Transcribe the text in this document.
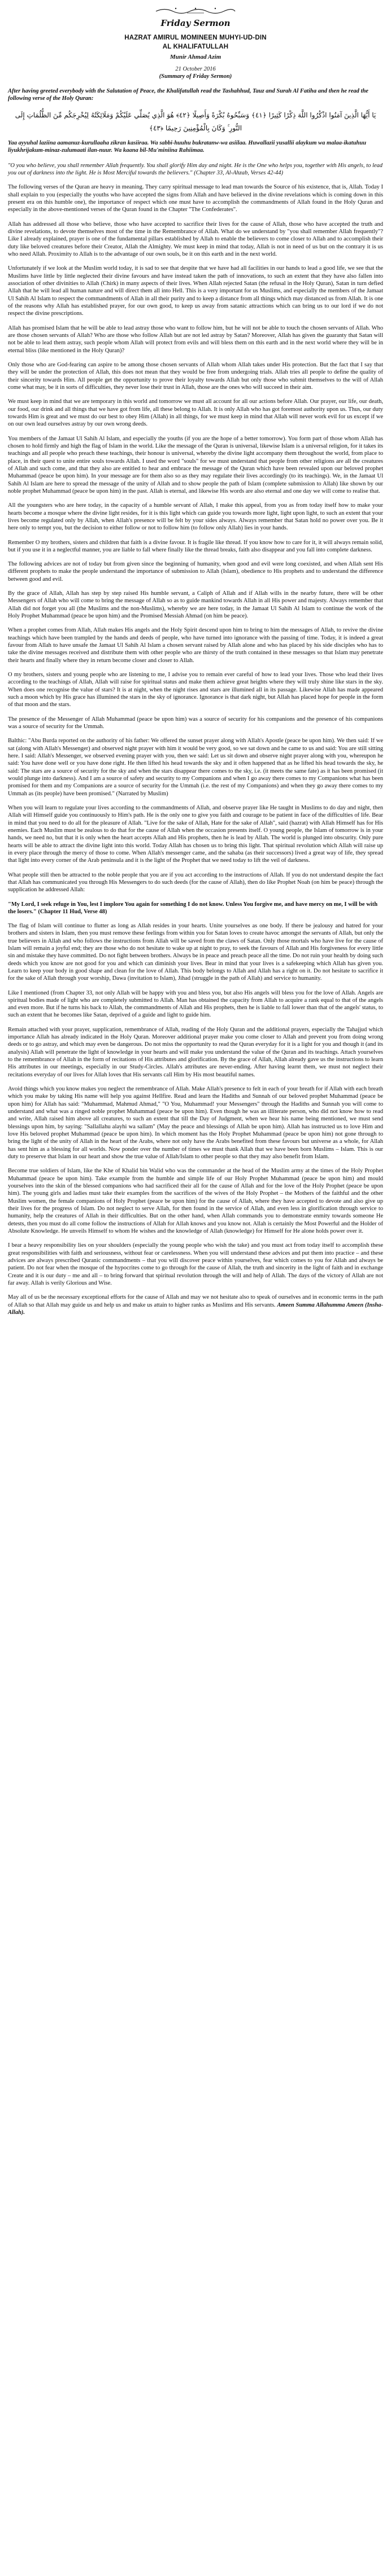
Friday Sermon
HAZRAT AMIRUL MOMINEEN MUHYI-UD-DIN
AL KHALIFATULLAH
Munir Ahmad Azim
21 October 2016
(Summary of Friday Sermon)
After having greeted everybody with the Salutation of Peace, the Khalifatullah read the Tashahhud, Tauz and Surah Al Fatiha and then he read the following verse of the Holy Quran:
يَا أَيُّهَا الَّذِينَ آمَنُوا اذْكُرُوا اللَّهَ ذِكْرًا كَثِيرًا ﴿٤١﴾ وَسَبِّحُوهُ بُكْرَةً وَأَصِيلًا ﴿٤٢﴾ هُوَ الَّذِي يُصَلِّي عَلَيْكُمْ وَمَلَائِكَتُهُ لِيُخْرِجَكُم مِّنَ الظُّلُمَاتِ إِلَى النُّورِ ۚ وَكَانَ بِالْمُؤْمِنِينَ رَحِيمًا ﴿٤٣﴾
Yaa ayyuhal laziina aamanuz-kurullaaha zikran kasiiraa. Wa sabbi-huuhu bukratanw-wa asiilaa. Huwallazii yusallii alaykum wa malaa-ikatuhuu liyukhrijakum-minaz-zulumaati ilan-nuur. Wa kaana bil-Mu'miniina Rahiimaa.
"O you who believe, you shall remember Allah frequently. You shall glorify Him day and night. He is the One who helps you, together with His angels, to lead you out of darkness into the light. He is Most Merciful towards the believers." (Chapter 33, Al-Ahzab, Verses 42-44)

The following verses of the Quran are heavy in meaning. They carry spiritual message to lead man towards the Source of his existence, that is, Allah. Today I shall explain to you (especially the youths who have accepted the signs from Allah and have believed in the divine revelations which is coming down in this present era on this humble one), the importance of respect which one must have to accomplish the commandments of Allah found in the Holy Quran and especially in the above-mentioned verses of the Quran found in the Chapter "The Confederates".

Allah has addressed all those who believe, those who have accepted to sacrifice their lives for the cause of Allah, those who have accepted the truth and divine revelations, to devote themselves most of the time in the Remembrance of Allah. What do we understand by "you shall remember Allah frequently"? Like I already explained, prayer is one of the fundamental pillars established by Allah to enable the believers to come closer to Allah and to accomplish their duty like beloved creatures before their Creator, Allah the Almighty. We must keep in mind that today, Allah is not in need of us but on the contrary it is us who need Allah. Proximity to Allah is to the advantage of our own souls, be it on this earth and in the next world.

Unfortunately if we look at the Muslim world today, it is sad to see that despite that we have had all facilities in our hands to lead a good life, we see that the Muslims have little by little neglected their divine favours and have instead taken the path of innovations, to such an extent that they have also fallen into association of other divinities to Allah (Chirk) in many aspects of their lives. When Allah rejected Satan (the refusal in the Holy Quran), Satan in turn defied Allah that he will lead all human nature and will direct them all into Hell. This is a very important for us Muslims, and especially the members of the Jamaat Ul Sahih Al Islam to respect the commandments of Allah in all their purity and to keep a distance from all things which may distanced us from Allah. It is one of the reasons why Allah has established prayer, for our own good, to keep us away from satanic attractions which can bring us to our lord if we do not respect the divine prescriptions.

Allah has promised Islam that he will be able to lead astray those who want to follow him, but he will not be able to touch the chosen servants of Allah. Who are those chosen servants of Allah? Who are those who follow Allah but are not led astray by Satan? Moreover, Allah has given the guaranty that Satan will not be able to lead them astray, such people whom Allah will protect from evils and will bless them on this earth and in the next world where they will be in eternal bliss (like mentioned in the Holy Quran)?

Only those who are God-fearing can aspire to be among those chosen servants of Allah whom Allah takes under His protection. But the fact that I say that they will be under the protection of Allah, this does not mean that they would be free from undergoing trials. Allah tries all people to define the quality of their sincerity towards Him. All people get the opportunity to prove their loyalty towards Allah but only those who submit themselves to the will of Allah come what may, be it in sorts of difficulties, they never lose their trust in Allah, those are the ones who will succeed in their aim.

We must keep in mind that we are temporary in this world and tomorrow we must all account for all our actions before Allah. Our prayer, our life, our death, our food, our drink and all things that we have got from life, all these belong to Allah. It is only Allah who has got foremost authority upon us. Thus, our duty towards Him is great and we must do our best to obey Him (Allah) in all things, for we must keep in mind that Allah will never work evil for us except if we on our own lead ourselves astray by our own wrong deeds.

You members of the Jamaat Ul Sahih Al Islam, and especially the youths (if you are the hope of a better tomorrow). You form part of those whom Allah has chosen to hold firmly and high the flag of Islam in the world. Like the message of the Quran is universal, likewise Islam is a universal religion, for it takes its teachings and all people who preach these teachings, their honour is universal, whereby the divine light accompany them throughout the world, from place to place, in their quest to unite entire souls towards Allah. I used the word "souls" for we must understand that people from other religions are all the creatures of Allah and such come, and that they also are entitled to hear and embrace the message of the Quran which have been revealed upon our beloved prophet Muhammad (peace be upon him). In your message are for them also so as they may regulate their lives accordingly (to its teachings). We, in the Jamaat Ul Sahih Al Islam are here to spread the message of the unity of Allah and to show people the path of Islam (complete submission to Allah) like shown by our noble prophet Muhammad (peace be upon him) in the past. Allah is eternal, and likewise His words are also eternal and one day we will come to realise that.

All the youngsters who are here today, in the capacity of a humble servant of Allah, I make this appeal, from you as from today itself how to make your hearts become a mosque where the divine light resides, for it is this light which can guide you towards more light, light upon light, to such an extent that your lives become regulated only by Allah, when Allah's presence will be felt by your sides always. Always remember that Satan hold no power over you. Be it here only to tempt you, but the decision to either follow or not to follow him (to follow only Allah) lies in your hands.

Remember O my brothers, sisters and children that faith is a divine favour. It is fragile like thread. If you know how to care for it, it will always remain solid, but if you use it in a neglectful manner, you are liable to fall where finally like the thread breaks, faith also disappear and you fall into complete darkness.

The following advices are not of today but from given since the beginning of humanity, when good and evil were long coexisted, and when Allah sent His different prophets to make the people understand the importance of submission to Allah (Islam), obedience to His prophets and to understand the difference between good and evil.

By the grace of Allah, Allah has step by step raised His humble servant, a Caliph of Allah and if Allah wills in the nearby future, there will be other Messengers of Allah who will come to bring the message of Allah so as to guide mankind towards Allah in all His power and majesty. Always remember that Allah did not forget you all (the Muslims and the non-Muslims), whereby we are here today, in the Jamaat Ul Sahih Al Islam to continue the work of the Holy Prophet Muhammad (peace be upon him) and the Promised Messiah Ahmad (on him be peace).

When a prophet comes from Allah, Allah makes His angels and the Holy Spirit descend upon him to bring to him the messages of Allah, to revive the divine teachings which have been trampled by the hands and deeds of people, who have turned into ignorance with the passing of time. Today, it is indeed a great favour from Allah to have unsafe the Jamaat Ul Sahih Al Islam a chosen servant raised by Allah alone and who has placed by his side disciples who has to take the divine messages received and distribute them with other people who are thirsty of the truth contained in these messages so that Islam may penetrate their hearts and finally where they in return become closer and closer to Allah.

O my brothers, sisters and young people who are listening to me, I advise you to remain ever careful of how to lead your lives. Those who lead their lives according to the teachings of Allah, Allah will raise for spiritual status and make them achieve great heights where they will truly shine like stars in the sky. When does one recognise the value of stars? It is at night, when the night rises and stars are illumined all in its passage. Likewise Allah has made appeared such a moon which by His grace has illumined the stars in the sky of ignorance. Ignorance is that dark night, but Allah has placed hope for people in the form of that moon and the stars.

The presence of the Messenger of Allah Muhammad (peace be upon him) was a source of security for his companions and the presence of his companions was a source of security for the Ummah.

Balthic: "Abu Burda reported on the authority of his father: We offered the sunset prayer along with Allah's Apostle (peace be upon him). We then said: If we sat (along with Allah's Messenger) and observed night prayer with him it would be very good, so we sat down and he came to us and said: You are still sitting here. I said: Allah's Messenger, we observed evening prayer with you, then we said: Let us sit down and observe night prayer along with you, whereupon he said: You have done well or you have done right. He then lifted his head towards the sky and it often happened that as he lifted his head towards the sky, he said: The stars are a source of security for the sky and when the stars disappear there comes to the sky, i.e. (it meets the same fate) as it has been promised (it would plunge into darkness). And I am a source of safety and security to my Companions and when I go away there comes to my Companions what has been promised for them and my Companions are a source of security for the Ummah (i.e. the rest of my Companions) and when they go away there comes to my Ummah as (its people) have been promised." (Narrated by Muslim)

When you will learn to regulate your lives according to the commandments of Allah, and observe prayer like He taught in Muslims to do day and night, then Allah will Himself guide you continuously to Him's path. He is the only one to give you faith and courage to be patient in face of the difficulties of life. Bear in mind that you need to do all for the pleasure of Allah. "Live for the sake of Allah, Hate for the sake of Allah", said (hazrat) with Allah Himself has for His enemies. Each Muslim must be zealous to do that for the cause of Allah when the occasion presents itself. O young people, the Islam of tomorrow is in your hands, we need no, but that it is only when the heart accepts Allah and His prophets, then he is lead by Allah. The world is plunged into obscurity. Only pure hearts will be able to attract the divine light into this world. Today Allah has chosen us to bring this light. That spiritual revolution which Allah will raise up in every place through the mercy of those to come. When Allah's messenger came, and the sahaba (as their successors) lived a great way of life, they spread that light into every corner of the Arab peninsula and it is the light of the Prophet that we need today to lift the veil of darkness.

What people still then be attracted to the noble people that you are if you act according to the instructions of Allah. If you do not understand despite the fact that Allah has communicated you through His Messengers to do such deeds (for the cause of Allah), then do like Prophet Noah (on him be peace) through the supplication he addressed Allah:

"My Lord, I seek refuge in You, lest I implore You again for something I do not know. Unless You forgive me, and have mercy on me, I will be with the losers." (Chapter 11 Hud, Verse 48)

The flag of Islam will continue to flutter as long as Allah resides in your hearts. Unite yourselves as one body. If there be jealousy and hatred for your brothers and sisters in Islam, then you must remove these feelings from within you for Satan loves to create havoc amongst the servants of Allah, but only the true believers in Allah and who follows the instructions from Allah will be saved from the claws of Satan. Only those mortals who have live for the cause of Islam will remain a joyful end; they are those who do not hesitate to wake up at night to pray, to seek the favours of Allah and His forgiveness for every little sin and mistake they have committed. Do not fight between brothers. Always be in peace and preach peace all the time. Do not ruin your health by doing such deeds which you know are not good for you and which can diminish your lives. Bear in mind that your lives is a safekeeping which Allah has given you. Learn to keep your body in good shape and clean for the love of Allah. This body belongs to Allah and Allah has a right on it. Do not hesitate to sacrifice it for the sake of Allah through your worship, Dawa (invitation to Islam), Jihad (struggle in the path of Allah) and service to humanity.

Like I mentioned (from Chapter 33, not only Allah will be happy with you and bless you, but also His angels will bless you for the love of Allah. Angels are spiritual bodies made of light who are completely submitted to Allah. Man has obtained the capacity from Allah to acquire a rank equal to that of the angels and even more. But if he turns his back to Allah, the commandments of Allah and His prophets, then he is liable to fall lower than that of the angels' status, to such an extent that he becomes like Satan, deprived of a guide and light to guide him.

Remain attached with your prayer, supplication, remembrance of Allah, reading of the Holy Quran and the additional prayers, especially the Tahajjud which importance Allah has already indicated in the Holy Quran. Moreover additional prayer make you come closer to Allah and prevent you from doing wrong deeds or to go astray, and which may even be dangerous. Do not miss the opportunity to read the Quran everyday for it is a light for you and though it (and its analysis) Allah will penetrate the light of knowledge in your hearts and will make you understand the value of the Quran and its teachings. Attach yourselves to the remembrance of Allah in the form of recitations of His attributes and glorification. By the grace of Allah, Allah already gave us the instructions to learn His attributes in our meetings, especially in our Study-Circles. Allah's attributes are never-ending. After having learnt them, we must not neglect their recitations everyday of our lives for Allah loves that His servants call Him by His most beautiful names.

Avoid things which you know makes you neglect the remembrance of Allah. Make Allah's presence to felt in each of your breath for if Allah with each breath which you make by taking His name will help you against Hellfire. Read and learn the Hadiths and Sunnah of our beloved prophet Muhammad (peace be upon him) for Allah has said: "Muhammad, Mahmud Ahmad," "O You, Muhammad! your Messengers" through the Hadiths and Sunnah you will come to understand and what was a ringed noble prophet Muhammad (peace be upon him). Even though he was an illiterate person, who did not know how to read and write, Allah raised him above all creatures, to such an extent that till the Day of Judgment, when we hear his name being mentioned, we must send blessings upon him, by saying: "Sallallahu alayhi wa sallam" (May the peace and blessings of Allah be upon him). Allah has instructed us to love Him and love His beloved prophet Muhammad (peace be upon him). In which moment has the Holy Prophet Muhammad (peace be upon him) not gone through to bring the light of the unity of Allah in the heart of the Arabs, where not only have the Arabs benefited from these favours but universe as a whole, for Allah has sent him as a blessing for all worlds. Now ponder over the number of times we must thank Allah that we have been born Muslims – Islam. This is our duty to preserve that Islam in our heart and show the true value of Allah/Islam to other people so that they may also benefit from Islam.

Become true soldiers of Islam, like the Khe of Khalid bin Walid who was the commander at the head of the Muslim army at the times of the Holy Prophet Muhammad (peace be upon him). Take example from the humble and simple life of our Holy Prophet Muhammad (peace be upon him) and mould yourselves into the skin of the blessed companions who had sacrificed their all for the cause of Allah and for the love of the Holy Prophet (peace be upon him). The young girls and ladies must take their examples from the sacrifices of the wives of the Holy Prophet – the Mothers of the faithful and the other Muslim women, the female companions of Holy Prophet (peace be upon him) for the cause of Allah, where they have accepted to devote and also give up their lives for the progress of Islam. Do not neglect to serve Allah, for then found in the service of Allah, and even less in glorification through service to humanity, help the creatures of Allah in their difficulties. But on the other hand, when Allah commands you to demonstrate enmity towards someone He detests, then you must do all come follow the instructions of Allah for Allah knows and you know not. Allah is certainly the Most Powerful and the Holder of Absolute Knowledge. He unveils Himself to whom He wishes and the knowledge of Allah (knowledge) for Himself for He alone holds power over it.

I bear a heavy responsibility lies on your shoulders (especially the young people who wish the take) and you must act from today itself to accomplish these great responsibilities with faith and seriousness, without fear or carelessness. When you will understand these advices and put them into practice – and these advices are always prescribed Quranic commandments – that you will discover peace within yourselves, fear which comes to you for Allah and always be patient. Do not fear when the mosque of the hypocrites come to go through for the cause of Allah, the truth and sincerity in the light of faith and in exchange Create and it is our duty – me and all – to bring forward that spiritual revolution through the will and help of Allah. The days of the victory of Allah are not far away. Allah is verily Glorious and Wise.

May all of us be the necessary exceptional efforts for the cause of Allah and may we not hesitate also to speak of ourselves and in economic terms in the path of Allah so that Allah may guide us and help us and make us attain to higher ranks as Muslims and His servants. Ameen Summa Allahumma Ameen (Insha-Allah).
